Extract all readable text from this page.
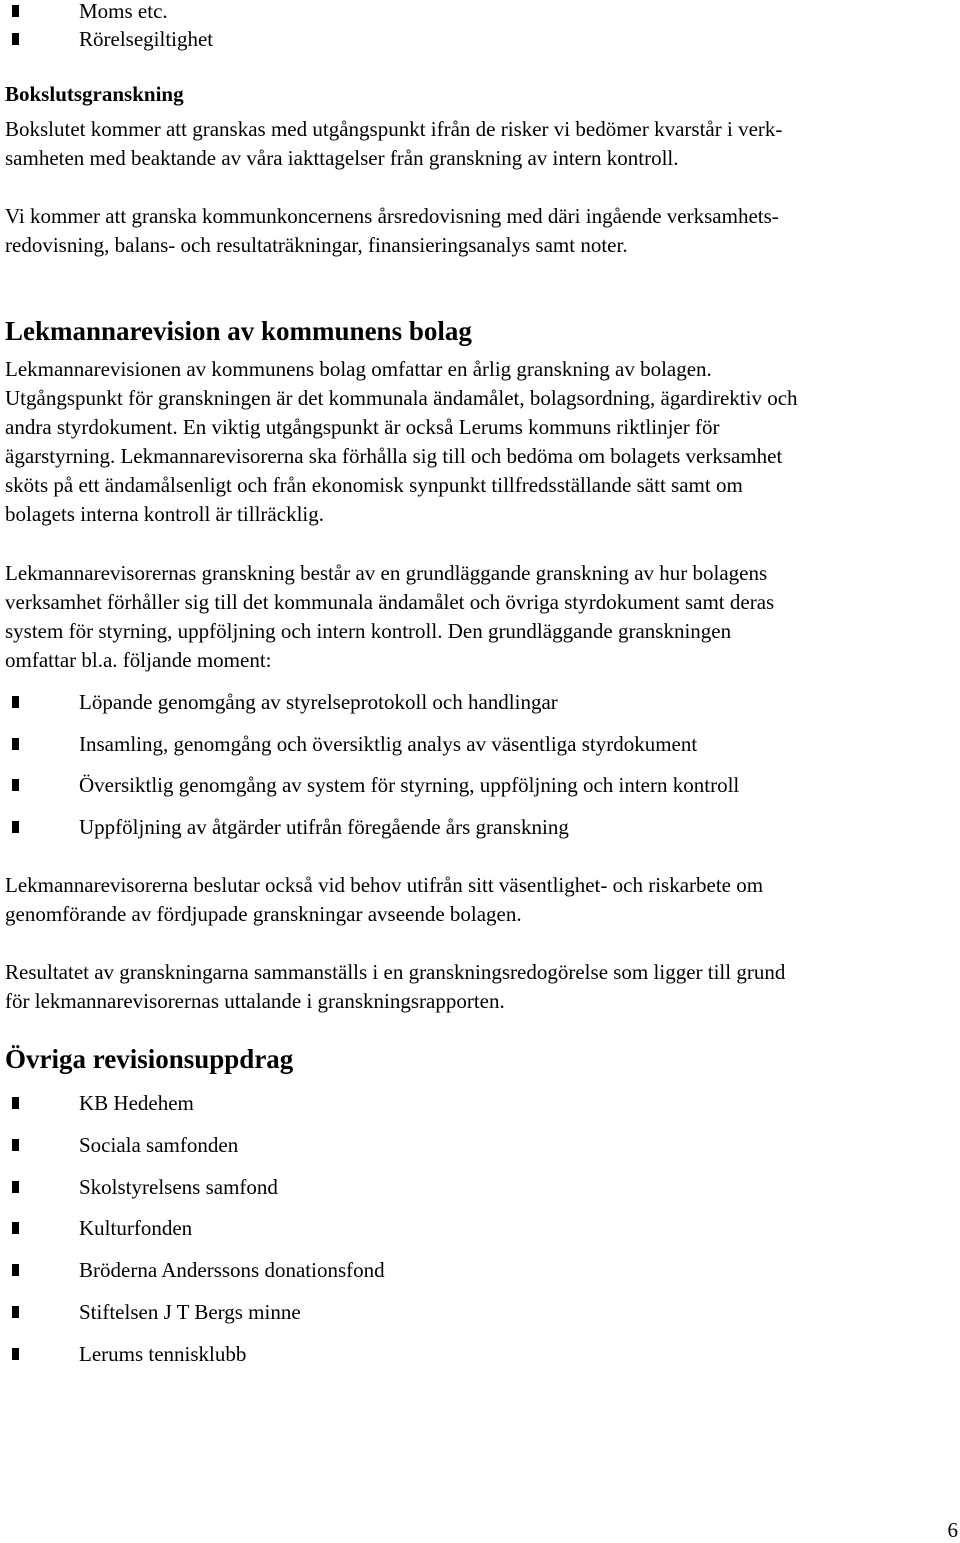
Moms etc.
Rörelsegiltighet
Bokslutsgranskning
Bokslutet kommer att granskas med utgångspunkt ifrån de risker vi bedömer kvarstår i verk-
samheten med beaktande av våra iakttagelser från granskning av intern kontroll.
Vi kommer att granska kommunkoncernens årsredovisning med däri ingående verksamhets-
redovisning, balans- och resultaträkningar, finansieringsanalys samt noter.
Lekmannarevision av kommunens bolag
Lekmannarevisionen av kommunens bolag omfattar en årlig granskning av bolagen.
Utgångspunkt för granskningen är det kommunala ändamålet, bolagsordning, ägardirektiv och
andra styrdokument. En viktig utgångspunkt är också Lerums kommuns riktlinjer för
ägarstyrning. Lekmannarevisorerna ska förhålla sig till och bedöma om bolagets verksamhet
sköts på ett ändamålsenligt och från ekonomisk synpunkt tillfredsställande sätt samt om
bolagets interna kontroll är tillräcklig.
Lekmannarevisorernas granskning består av en grundläggande granskning av hur bolagens
verksamhet förhåller sig till det kommunala ändamålet och övriga styrdokument samt deras
system för styrning, uppföljning och intern kontroll. Den grundläggande granskningen
omfattar bl.a. följande moment:
Löpande genomgång av styrelseprotokoll och handlingar
Insamling, genomgång och översiktlig analys av väsentliga styrdokument
Översiktlig genomgång av system för styrning, uppföljning och intern kontroll
Uppföljning av åtgärder utifrån föregående års granskning
Lekmannarevisorerna beslutar också vid behov utifrån sitt väsentlighet- och riskarbete om
genomförande av fördjupade granskningar avseende bolagen.
Resultatet av granskningarna sammanställs i en granskningsredogörelse som ligger till grund
för lekmannarevisorernas uttalande i granskningsrapporten.
Övriga revisionsuppdrag
KB Hedehem
Sociala samfonden
Skolstyrelsens samfond
Kulturfonden
Bröderna Anderssons donationsfond
Stiftelsen J T Bergs minne
Lerums tennisklubb
6
